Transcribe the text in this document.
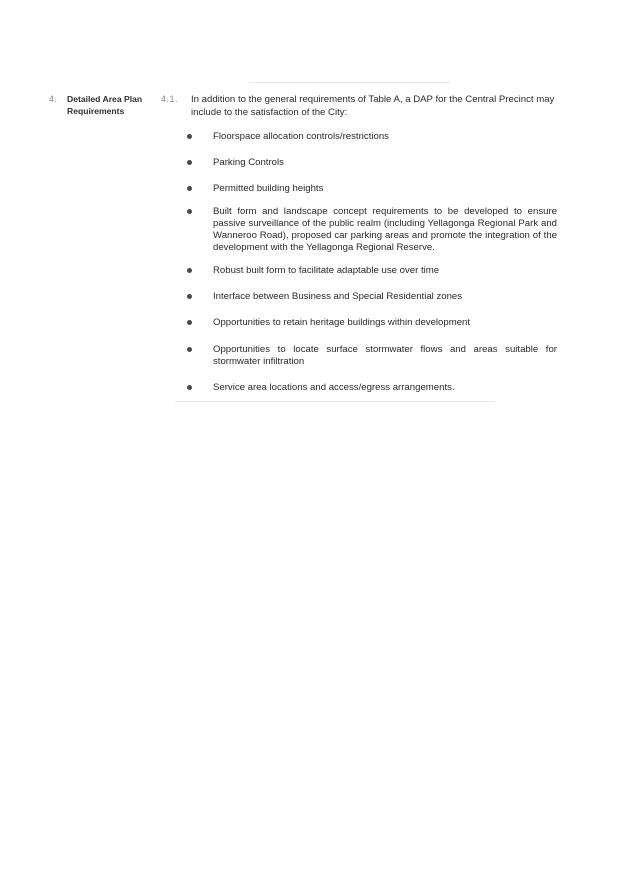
4. Detailed Area Plan Requirements
4.1. In addition to the general requirements of Table A, a DAP for the Central Precinct may include to the satisfaction of the City:
Floorspace allocation controls/restrictions
Parking Controls
Permitted building heights
Built form and landscape concept requirements to be developed to ensure passive surveillance of the public realm (including Yellagonga Regional Park and Wanneroo Road), proposed car parking areas and promote the integration of the development with the Yellagonga Regional Reserve.
Robust built form to facilitate adaptable use over time
Interface between Business and Special Residential zones
Opportunities to retain heritage buildings within development
Opportunities to locate surface stormwater flows and areas suitable for stormwater infiltration
Service area locations and access/egress arrangements.
